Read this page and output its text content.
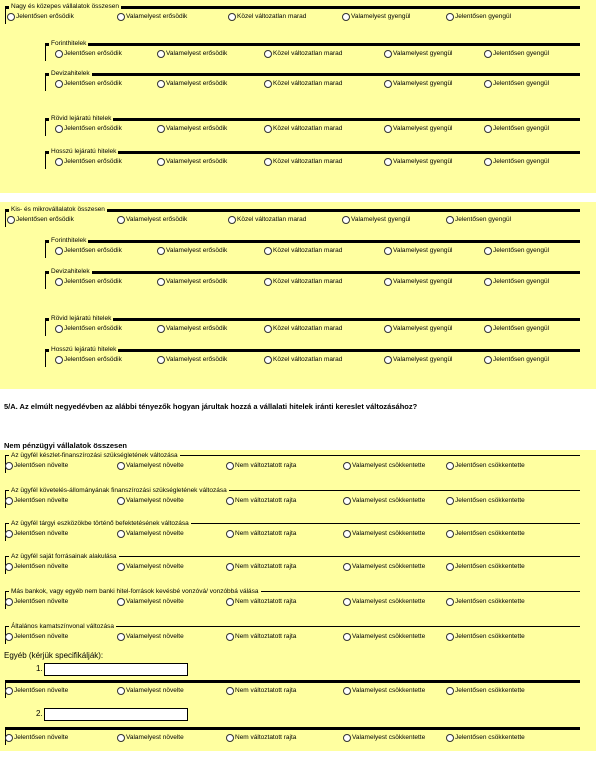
Nagy és közepes vállalatok összesen
Jelentősen erősödik	Valamelyest erősödik	Közel változatlan marad	Valamelyest gyengül	Jelentősen gyengül
Forinthitelek
Jelentősen erősödik	Valamelyest erősödik	Közel változatlan marad	Valamelyest gyengül	Jelentősen gyengül
Devizahitelek
Jelentősen erősödik	Valamelyest erősödik	Közel változatlan marad	Valamelyest gyengül	Jelentősen gyengül
Rövid lejáratú hitelek
Jelentősen erősödik	Valamelyest erősödik	Közel változatlan marad	Valamelyest gyengül	Jelentősen gyengül
Hosszú lejáratú hitelek
Jelentősen erősödik	Valamelyest erősödik	Közel változatlan marad	Valamelyest gyengül	Jelentősen gyengül
Kis- és mikrovállalatok összesen
Jelentősen erősödik	Valamelyest erősödik	Közel változatlan marad	Valamelyest gyengül	Jelentősen gyengül
Forinthitelek
Jelentősen erősödik	Valamelyest erősödik	Közel változatlan marad	Valamelyest gyengül	Jelentősen gyengül
Devizahitelek
Jelentősen erősödik	Valamelyest erősödik	Közel változatlan marad	Valamelyest gyengül	Jelentősen gyengül
Rövid lejáratú hitelek
Jelentősen erősödik	Valamelyest erősödik	Közel változatlan marad	Valamelyest gyengül	Jelentősen gyengül
Hosszú lejáratú hitelek
Jelentősen erősödik	Valamelyest erősödik	Közel változatlan marad	Valamelyest gyengül	Jelentősen gyengül
5/A. Az elmúlt negyedévben az alábbi tényezők hogyan járultak hozzá a vállalati hitelek iránti kereslet változásához?
Nem pénzügyi vállalatok összesen
Az ügyfél készlet-finanszírozási szükségletének változása
Jelentősen növelte	Valamelyest növelte	Nem változtatott rajta	Valamelyest csökkentette	Jelentősen csökkentette
Az ügyfél követelés-állományának finanszírozási szükségletének változása
Jelentősen növelte	Valamelyest növelte	Nem változtatott rajta	Valamelyest csökkentette	Jelentősen csökkentette
Az ügyfél tárgyi eszközökbe történő befektetésének változása
Jelentősen növelte	Valamelyest növelte	Nem változtatott rajta	Valamelyest csökkentette	Jelentősen csökkentette
Az ügyfél saját forrásainak alakulása
Jelentősen növelte	Valamelyest növelte	Nem változtatott rajta	Valamelyest csökkentette	Jelentősen csökkentette
Más bankok, vagy egyéb nem banki hitel-források kevésbé vonzóvá/ vonzóbbá válása
Jelentősen növelte	Valamelyest növelte	Nem változtatott rajta	Valamelyest csökkentette	Jelentősen csökkentette
Általános kamatszínvonal változása
Jelentősen növelte	Valamelyest növelte	Nem változtatott rajta	Valamelyest csökkentette	Jelentősen csökkentette
Egyéb (kérjük specifikálják):
1.
Jelentősen növelte	Valamelyest növelte	Nem változtatott rajta	Valamelyest csökkentette	Jelentősen csökkentette
2.
Jelentősen növelte	Valamelyest növelte	Nem változtatott rajta	Valamelyest csökkentette	Jelentősen csökkentette
